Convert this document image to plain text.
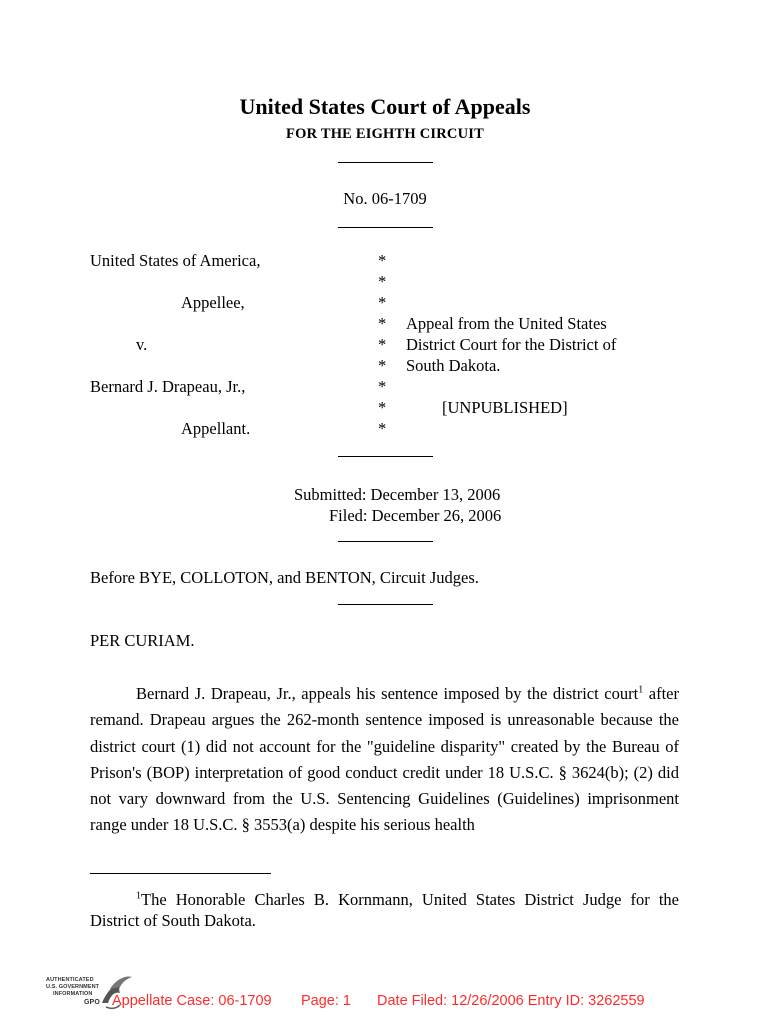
United States Court of Appeals
FOR THE EIGHTH CIRCUIT
No. 06-1709
United States of America,
Appellee,
v.
Bernard J. Drapeau, Jr.,
Appellant.
*
*
*
*
*
*
*
*
*
Appeal from the United States
District Court for the District of
South Dakota.
[UNPUBLISHED]
Submitted: December 13, 2006
Filed: December 26, 2006
Before BYE, COLLOTON, and BENTON, Circuit Judges.
PER CURIAM.
Bernard J. Drapeau, Jr., appeals his sentence imposed by the district court$^1$ after remand. Drapeau argues the 262-month sentence imposed is unreasonable because the district court (1) did not account for the "guideline disparity" created by the Bureau of Prison's (BOP) interpretation of good conduct credit under 18 U.S.C. § 3624(b); (2) did not vary downward from the U.S. Sentencing Guidelines (Guidelines) imprisonment range under 18 U.S.C. § 3553(a) despite his serious health
$^1$The Honorable Charles B. Kornmann, United States District Judge for the District of South Dakota.
AUTHENTICATED
U.S. GOVERNMENT
INFORMATION
GPO Appellate Case: 06-1709 Page: 1 Date Filed: 12/26/2006 Entry ID: 3262559
